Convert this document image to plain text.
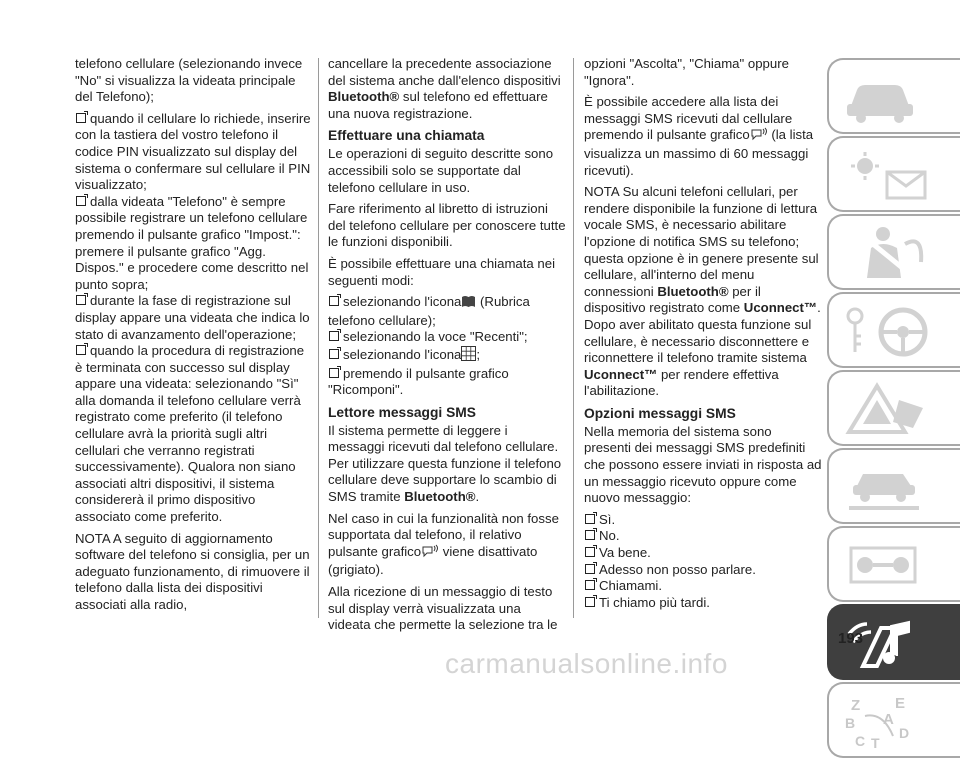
telefono cellulare (selezionando invece "No" si visualizza la videata principale del Telefono);

quando il cellulare lo richiede, inserire con la tastiera del vostro telefono il codice PIN visualizzato sul display del sistema o confermare sul cellulare il PIN visualizzato;

dalla videata "Telefono" è sempre possibile registrare un telefono cellulare premendo il pulsante grafico "Impost.": premere il pulsante grafico "Agg. Dispos." e procedere come descritto nel punto sopra;

durante la fase di registrazione sul display appare una videata che indica lo stato di avanzamento dell'operazione;

quando la procedura di registrazione è terminata con successo sul display appare una videata: selezionando "Sì" alla domanda il telefono cellulare verrà registrato come preferito (il telefono cellulare avrà la priorità sugli altri cellulari che verranno registrati successivamente). Qualora non siano associati altri dispositivi, il sistema considererà il primo dispositivo associato come preferito.

NOTA A seguito di aggiornamento software del telefono si consiglia, per un adeguato funzionamento, di rimuovere il telefono dalla lista dei dispositivi associati alla radio,

cancellare la precedente associazione del sistema anche dall'elenco dispositivi Bluetooth® sul telefono ed effettuare una nuova registrazione.

Effettuare una chiamata

Le operazioni di seguito descritte sono accessibili solo se supportate dal telefono cellulare in uso.

Fare riferimento al libretto di istruzioni del telefono cellulare per conoscere tutte le funzioni disponibili.

È possibile effettuare una chiamata nei seguenti modi:

selezionando l'icona (Rubrica telefono cellulare);

selezionando la voce "Recenti";

selezionando l'icona ;

premendo il pulsante grafico "Ricomponi".

Lettore messaggi SMS

Il sistema permette di leggere i messaggi ricevuti dal telefono cellulare. Per utilizzare questa funzione il telefono cellulare deve supportare lo scambio di SMS tramite Bluetooth®.

Nel caso in cui la funzionalità non fosse supportata dal telefono, il relativo pulsante grafico viene disattivato (grigiato).

Alla ricezione di un messaggio di testo sul display verrà visualizzata una videata che permette la selezione tra le

opzioni "Ascolta", "Chiama" oppure "Ignora".

È possibile accedere alla lista dei messaggi SMS ricevuti dal cellulare premendo il pulsante grafico (la lista visualizza un massimo di 60 messaggi ricevuti).

NOTA Su alcuni telefoni cellulari, per rendere disponibile la funzione di lettura vocale SMS, è necessario abilitare l'opzione di notifica SMS su telefono; questa opzione è in genere presente sul cellulare, all'interno del menu connessioni Bluetooth® per il dispositivo registrato come Uconnect™. Dopo aver abilitato questa funzione sul cellulare, è necessario disconnettere e riconnettere il telefono tramite sistema Uconnect™ per rendere effettiva l'abilitazione.

Opzioni messaggi SMS

Nella memoria del sistema sono presenti dei messaggi SMS predefiniti che possono essere inviati in risposta ad un messaggio ricevuto oppure come nuovo messaggio:

Sì.

No.

Va bene.

Adesso non posso parlare.

Chiamami.

Ti chiamo più tardi.

Z E
A
B
C T
D
193
carmanualsonline.info
